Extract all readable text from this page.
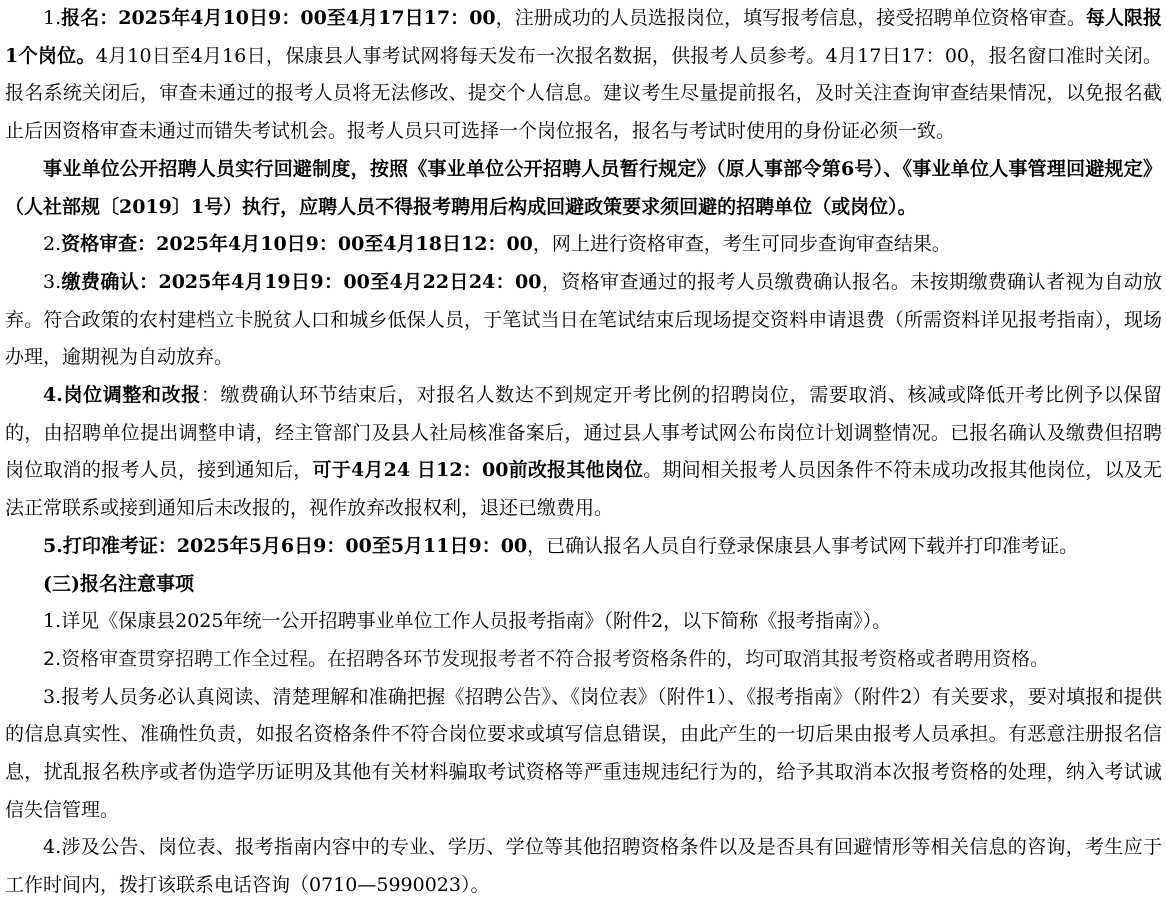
1.报名：2025年4月10日9：00至4月17日17：00，注册成功的人员选报岗位，填写报考信息，接受招聘单位资格审查。每人限报1个岗位。4月10日至4月16日，保康县人事考试网将每天发布一次报名数据，供报考人员参考。4月17日17：00，报名窗口准时关闭。报名系统关闭后，审查未通过的报考人员将无法修改、提交个人信息。建议考生尽量提前报名，及时关注查询审查结果情况，以免报名截止后因资格审查未通过而错失考试机会。报考人员只可选择一个岗位报名，报名与考试时使用的身份证必须一致。

事业单位公开招聘人员实行回避制度，按照《事业单位公开招聘人员暂行规定》（原人事部令第6号）、《事业单位人事管理回避规定》（人社部规〔2019〕1号）执行，应聘人员不得报考聘用后构成回避政策要求须回避的招聘单位（或岗位）。

2.资格审查：2025年4月10日9：00至4月18日12：00，网上进行资格审查，考生可同步查询审查结果。

3.缴费确认：2025年4月19日9：00至4月22日24：00，资格审查通过的报考人员缴费确认报名。未按期缴费确认者视为自动放弃。符合政策的农村建档立卡脱贫人口和城乡低保人员，于笔试当日在笔试结束后现场提交资料申请退费（所需资料详见报考指南），现场办理，逾期视为自动放弃。

4.岗位调整和改报：缴费确认环节结束后，对报名人数达不到规定开考比例的招聘岗位，需要取消、核减或降低开考比例予以保留的，由招聘单位提出调整申请，经主管部门及县人社局核准备案后，通过县人事考试网公布岗位计划调整情况。已报名确认及缴费但招聘岗位取消的报考人员，接到通知后，可于4月24 日12：00前改报其他岗位。期间相关报考人员因条件不符未成功改报其他岗位，以及无法正常联系或接到通知后未改报的，视作放弃改报权利，退还已缴费用。

5.打印准考证：2025年5月6日9：00至5月11日9：00，已确认报名人员自行登录保康县人事考试网下载并打印准考证。

(三)报名注意事项

1.详见《保康县2025年统一公开招聘事业单位工作人员报考指南》（附件2，以下简称《报考指南》）。

2.资格审查贯穿招聘工作全过程。在招聘各环节发现报考者不符合报考资格条件的，均可取消其报考资格或者聘用资格。

3.报考人员务必认真阅读、清楚理解和准确把握《招聘公告》、《岗位表》（附件1）、《报考指南》（附件2）有关要求，要对填报和提供的信息真实性、准确性负责，如报名资格条件不符合岗位要求或填写信息错误，由此产生的一切后果由报考人员承担。有恶意注册报名信息，扰乱报名秩序或者伪造学历证明及其他有关材料骗取考试资格等严重违规违纪行为的，给予其取消本次报考资格的处理，纳入考试诚信失信管理。

4.涉及公告、岗位表、报考指南内容中的专业、学历、学位等其他招聘资格条件以及是否具有回避情形等相关信息的咨询，考生应于工作时间内，拨打该联系电话咨询（0710—5990023）。
